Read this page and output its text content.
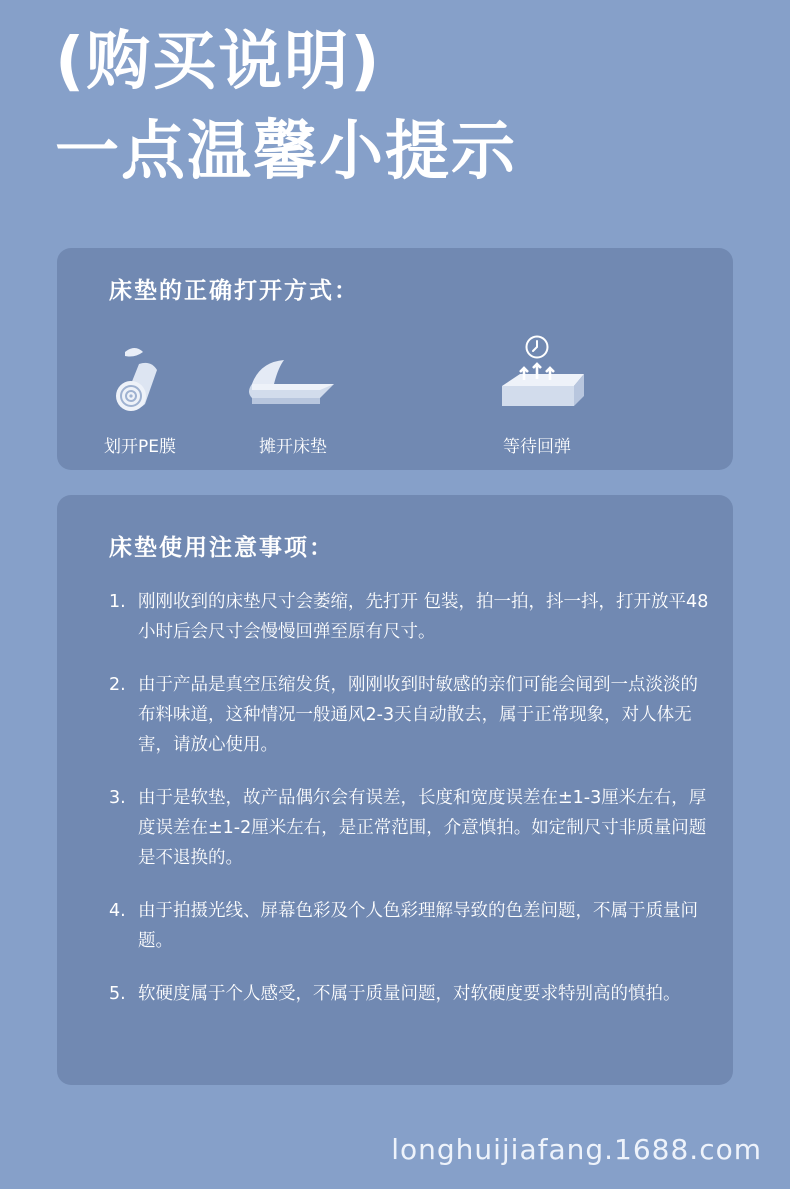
(购买说明)
一点温馨小提示
床垫的正确打开方式：
划开PE膜	摊开床垫	等待回弹
床垫使用注意事项：
1. 刚刚收到的床垫尺寸会萎缩，先打开 包装，拍一拍，抖一抖，打开放平48小时后会尺寸会慢慢回弹至原有尺寸。
2. 由于产品是真空压缩发货，刚刚收到时敏感的亲们可能会闻到一点淡淡的布料味道，这种情况一般通风2-3天自动散去，属于正常现象，对人体无害，请放心使用。
3. 由于是软垫，故产品偶尔会有误差，长度和宽度误差在±1-3厘米左右，厚度误差在±1-2厘米左右，是正常范围，介意慎拍。如定制尺寸非质量问题是不退换的。
4. 由于拍摄光线、屏幕色彩及个人色彩理解导致的色差问题，不属于质量问题。
5. 软硬度属于个人感受，不属于质量问题，对软硬度要求特别高的慎拍。
longhuijiafang.1688.com
